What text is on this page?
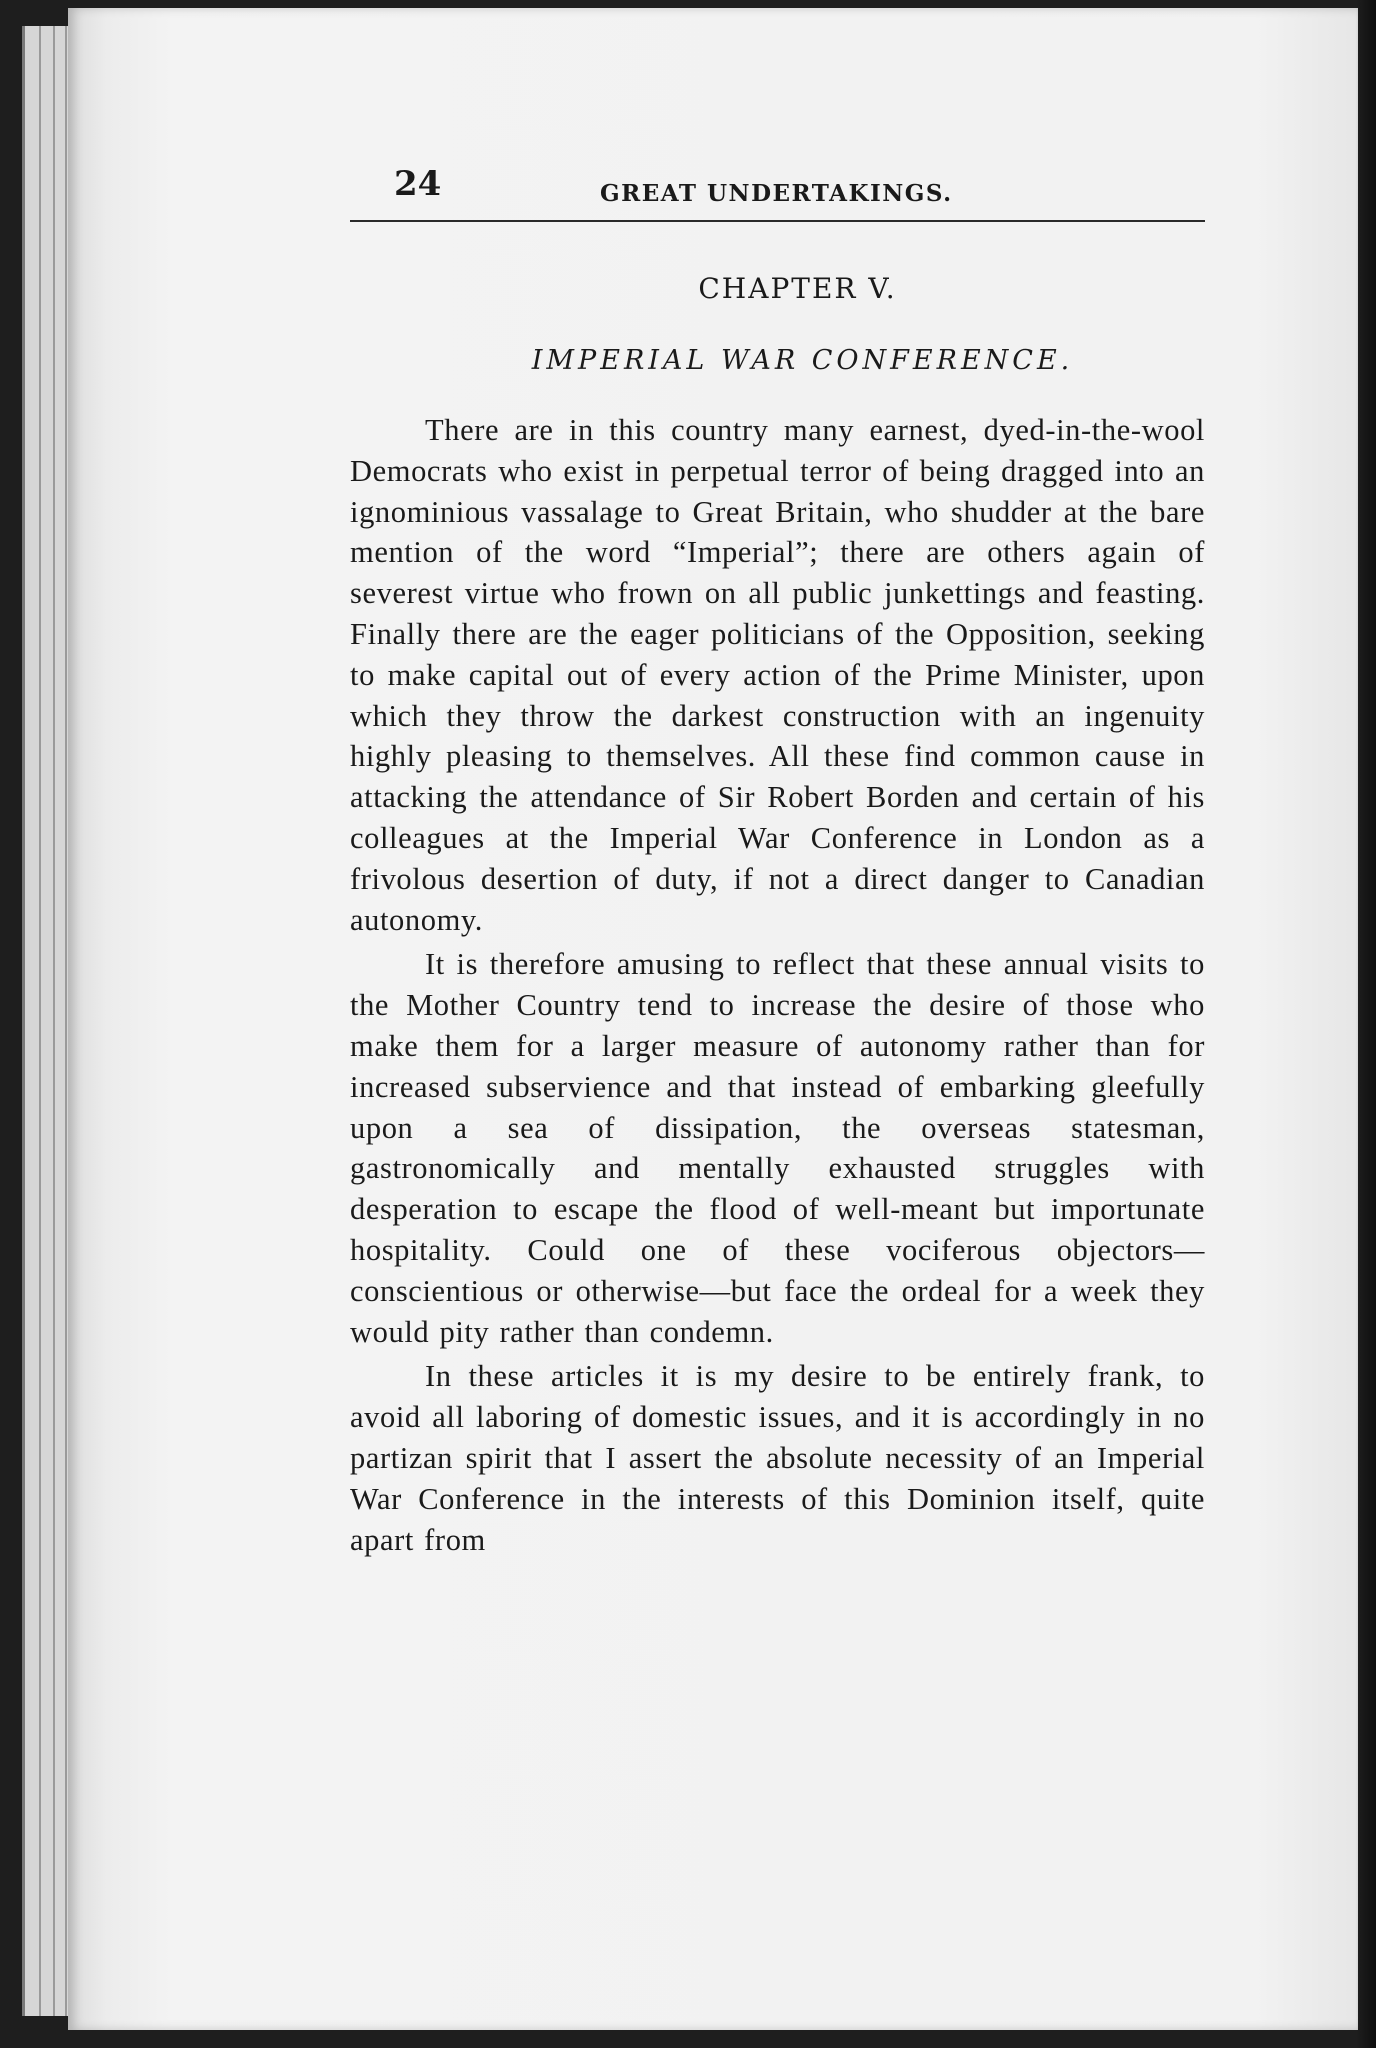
24	GREAT UNDERTAKINGS.
CHAPTER V.
IMPERIAL WAR CONFERENCE.

There are in this country many earnest, dyed-in-the-wool Democrats who exist in perpetual terror of being dragged into an ignominious vassalage to Great Britain, who shudder at the bare mention of the word “Imperial”; there are others again of severest virtue who frown on all public junkettings and feasting. Finally there are the eager politicians of the Opposition, seeking to make capital out of every action of the Prime Minister, upon which they throw the darkest construction with an ingenuity highly pleasing to themselves. All these find common cause in attacking the attendance of Sir Robert Borden and certain of his colleagues at the Imperial War Conference in London as a frivolous desertion of duty, if not a direct danger to Canadian autonomy.

It is therefore amusing to reflect that these annual visits to the Mother Country tend to increase the desire of those who make them for a larger measure of autonomy rather than for increased subservience and that instead of embarking gleefully upon a sea of dissipation, the overseas statesman, gastronomically and mentally exhausted struggles with desperation to escape the flood of well-meant but importunate hospitality. Could one of these vociferous objectors—conscientious or otherwise—but face the ordeal for a week they would pity rather than condemn.

In these articles it is my desire to be entirely frank, to avoid all laboring of domestic issues, and it is accordingly in no partizan spirit that I assert the absolute necessity of an Imperial War Conference in the interests of this Dominion itself, quite apart from
